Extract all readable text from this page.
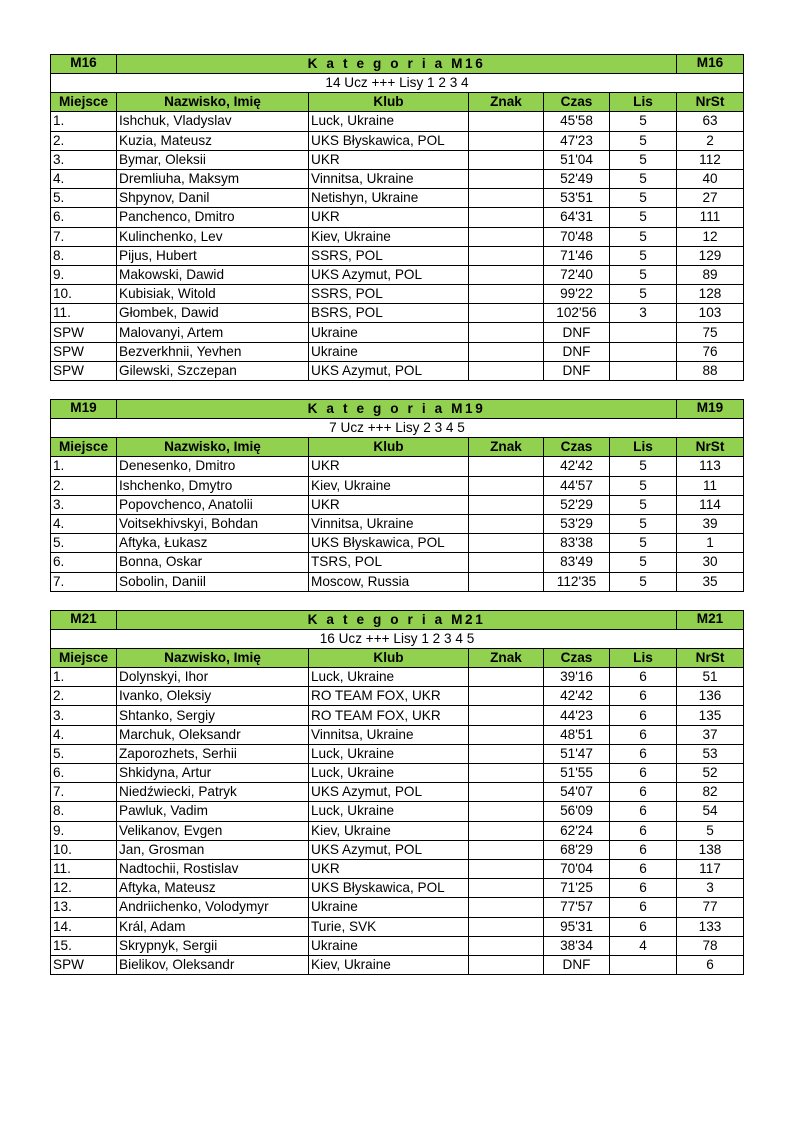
M16	K a t e g o r i a M16					M16
14 Ucz +++ Lisy 1 2 3 4						
Miejsce	Nazwisko, Imię	Klub	Znak	Czas	Lis	NrSt
1.	Ishchuk, Vladyslav	Luck, Ukraine		45'58	5	63
2.	Kuzia, Mateusz	UKS Błyskawica, POL		47'23	5	2
3.	Bymar, Oleksii	UKR		51'04	5	112
4.	Dremliuha, Maksym	Vinnitsa, Ukraine		52'49	5	40
5.	Shpynov, Danil	Netishyn, Ukraine		53'51	5	27
6.	Panchenco, Dmitro	UKR		64'31	5	111
7.	Kulinchenko, Lev	Kiev, Ukraine		70'48	5	12
8.	Pijus, Hubert	SSRS, POL		71'46	5	129
9.	Makowski, Dawid	UKS Azymut, POL		72'40	5	89
10.	Kubisiak, Witold	SSRS, POL		99'22	5	128
11.	Głombek, Dawid	BSRS, POL		102'56	3	103
SPW	Malovanyi, Artem	Ukraine		DNF		75
SPW	Bezverkhnii, Yevhen	Ukraine		DNF		76
SPW	Gilewski, Szczepan	UKS Azymut, POL		DNF		88
M19	K a t e g o r i a M19					M19
7 Ucz +++ Lisy 2 3 4 5						
Miejsce	Nazwisko, Imię	Klub	Znak	Czas	Lis	NrSt
1.	Denesenko, Dmitro	UKR		42'42	5	113
2.	Ishchenko, Dmytro	Kiev, Ukraine		44'57	5	11
3.	Popovchenco, Anatolii	UKR		52'29	5	114
4.	Voitsekhivskyi, Bohdan	Vinnitsa, Ukraine		53'29	5	39
5.	Aftyka, Łukasz	UKS Błyskawica, POL		83'38	5	1
6.	Bonna, Oskar	TSRS, POL		83'49	5	30
7.	Sobolin, Daniil	Moscow, Russia		112'35	5	35
M21	K a t e g o r i a M21					M21
16 Ucz +++ Lisy 1 2 3 4 5						
Miejsce	Nazwisko, Imię	Klub	Znak	Czas	Lis	NrSt
1.	Dolynskyi, Ihor	Luck, Ukraine		39'16	6	51
2.	Ivanko, Oleksiy	RO TEAM FOX, UKR		42'42	6	136
3.	Shtanko, Sergiy	RO TEAM FOX, UKR		44'23	6	135
4.	Marchuk, Oleksandr	Vinnitsa, Ukraine		48'51	6	37
5.	Zaporozhets, Serhii	Luck, Ukraine		51'47	6	53
6.	Shkidyna, Artur	Luck, Ukraine		51'55	6	52
7.	Niedźwiecki, Patryk	UKS Azymut, POL		54'07	6	82
8.	Pawluk, Vadim	Luck, Ukraine		56'09	6	54
9.	Velikanov, Evgen	Kiev, Ukraine		62'24	6	5
10.	Jan, Grosman	UKS Azymut, POL		68'29	6	138
11.	Nadtochii, Rostislav	UKR		70'04	6	117
12.	Aftyka, Mateusz	UKS Błyskawica, POL		71'25	6	3
13.	Andriichenko, Volodymyr	Ukraine		77'57	6	77
14.	Král, Adam	Turie, SVK		95'31	6	133
15.	Skrypnyk, Sergii	Ukraine		38'34	4	78
SPW	Bielikov, Oleksandr	Kiev, Ukraine		DNF		6
